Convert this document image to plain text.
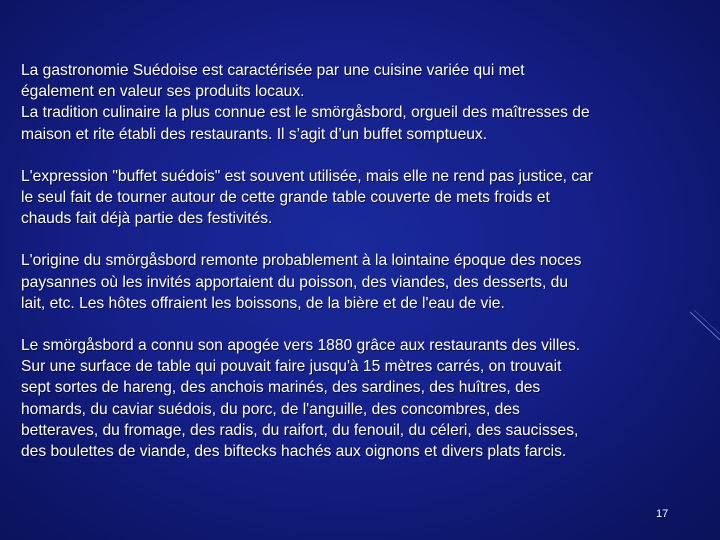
La gastronomie Suédoise est caractérisée par une cuisine variée qui met
également en valeur ses produits locaux.
La tradition culinaire la plus connue est le smörgåsbord, orgueil des maîtresses de
maison et rite établi des restaurants. Il s’agit d’un buffet somptueux.

L'expression "buffet suédois" est souvent utilisée, mais elle ne rend pas justice, car
le seul fait de tourner autour de cette grande table couverte de mets froids et
chauds fait déjà partie des festivités.

L'origine du smörgåsbord remonte probablement à la lointaine époque des noces
paysannes où les invités apportaient du poisson, des viandes, des desserts, du
lait, etc. Les hôtes offraient les boissons, de la bière et de l'eau de vie.

Le smörgåsbord a connu son apogée vers 1880 grâce aux restaurants des villes.
Sur une surface de table qui pouvait faire jusqu'à 15 mètres carrés, on trouvait
sept sortes de hareng, des anchois marinés, des sardines, des huîtres, des
homards, du caviar suédois, du porc, de l'anguille, des concombres, des
betteraves, du fromage, des radis, du raifort, du fenouil, du céleri, des saucisses,
des boulettes de viande, des biftecks hachés aux oignons et divers plats farcis.

17
